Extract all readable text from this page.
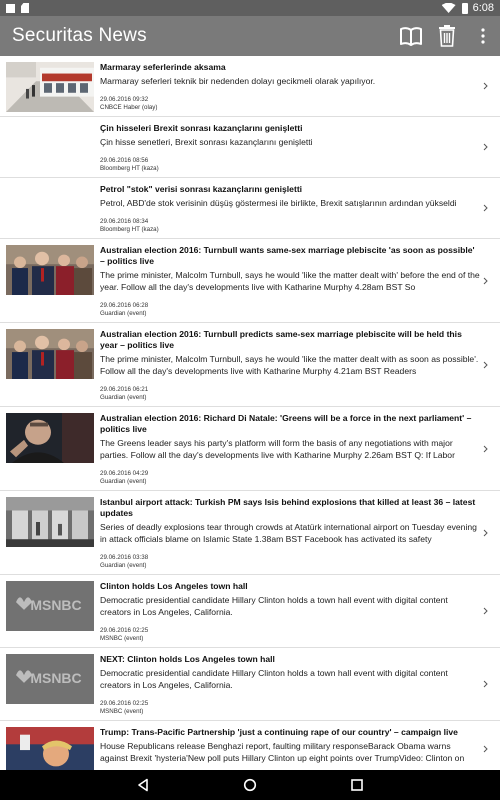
6:08
Securitas News
Marmaray seferlerinde aksama
Marmaray seferleri teknik bir nedenden dolayı gecikmeli olarak yapılıyor.
29.06.2016 09:32
CNBCE Haber (olay)
Çin hisseleri Brexit sonrası kazançlarını genişletti
Çin hisse senetleri, Brexit sonrası kazançlarını genişletti
29.06.2016 08:56
Bloomberg HT (kaza)
Petrol "stok" verisi sonrası kazançlarını genişletti
Petrol, ABD'de stok verisinin düşüş göstermesi ile birlikte, Brexit satışlarının ardından yükseldi
29.06.2016 08:34
Bloomberg HT (kaza)
Australian election 2016: Turnbull wants same-sex marriage plebiscite 'as soon as possible' – politics live
The prime minister, Malcolm Turnbull, says he would 'like the matter dealt with' before the end of the year. Follow all the day's developments live with Katharine Murphy 4.28am BST So
29.06.2016 06:28
Guardian (event)
Australian election 2016: Turnbull predicts same-sex marriage plebiscite will be held this year – politics live
The prime minister, Malcolm Turnbull, says he would 'like the matter dealt with as soon as possible'. Follow all the day's developments live with Katharine Murphy 4.21am BST Readers
29.06.2016 06:21
Guardian (event)
Australian election 2016: Richard Di Natale: 'Greens will be a force in the next parliament' – politics live
The Greens leader says his party's platform will form the basis of any negotiations with major parties. Follow all the day's developments live with Katharine Murphy 2.26am BST Q: If Labor
29.06.2016 04:29
Guardian (event)
Istanbul airport attack: Turkish PM says Isis behind explosions that killed at least 36 – latest updates
Series of deadly explosions tear through crowds at Atatürk international airport on Tuesday evening in attack officials blame on Islamic State 1.38am BST Facebook has activated its safety
29.06.2016 03:38
Guardian (event)
MSNBC
Clinton holds Los Angeles town hall
Democratic presidential candidate Hillary Clinton holds a town hall event with digital content creators in Los Angeles, California.
29.06.2016 02:25
MSNBC (event)
MSNBC
NEXT: Clinton holds Los Angeles town hall
Democratic presidential candidate Hillary Clinton holds a town hall event with digital content creators in Los Angeles, California.
29.06.2016 02:25
MSNBC (event)
Trump: Trans-Pacific Partnership 'just a continuing rape of our country' – campaign live
House Republicans release Benghazi report, faulting military responseBarack Obama warns against Brexit 'hysteria'New poll puts Hillary Clinton up eight points over TrumpVideo: Clinton on
